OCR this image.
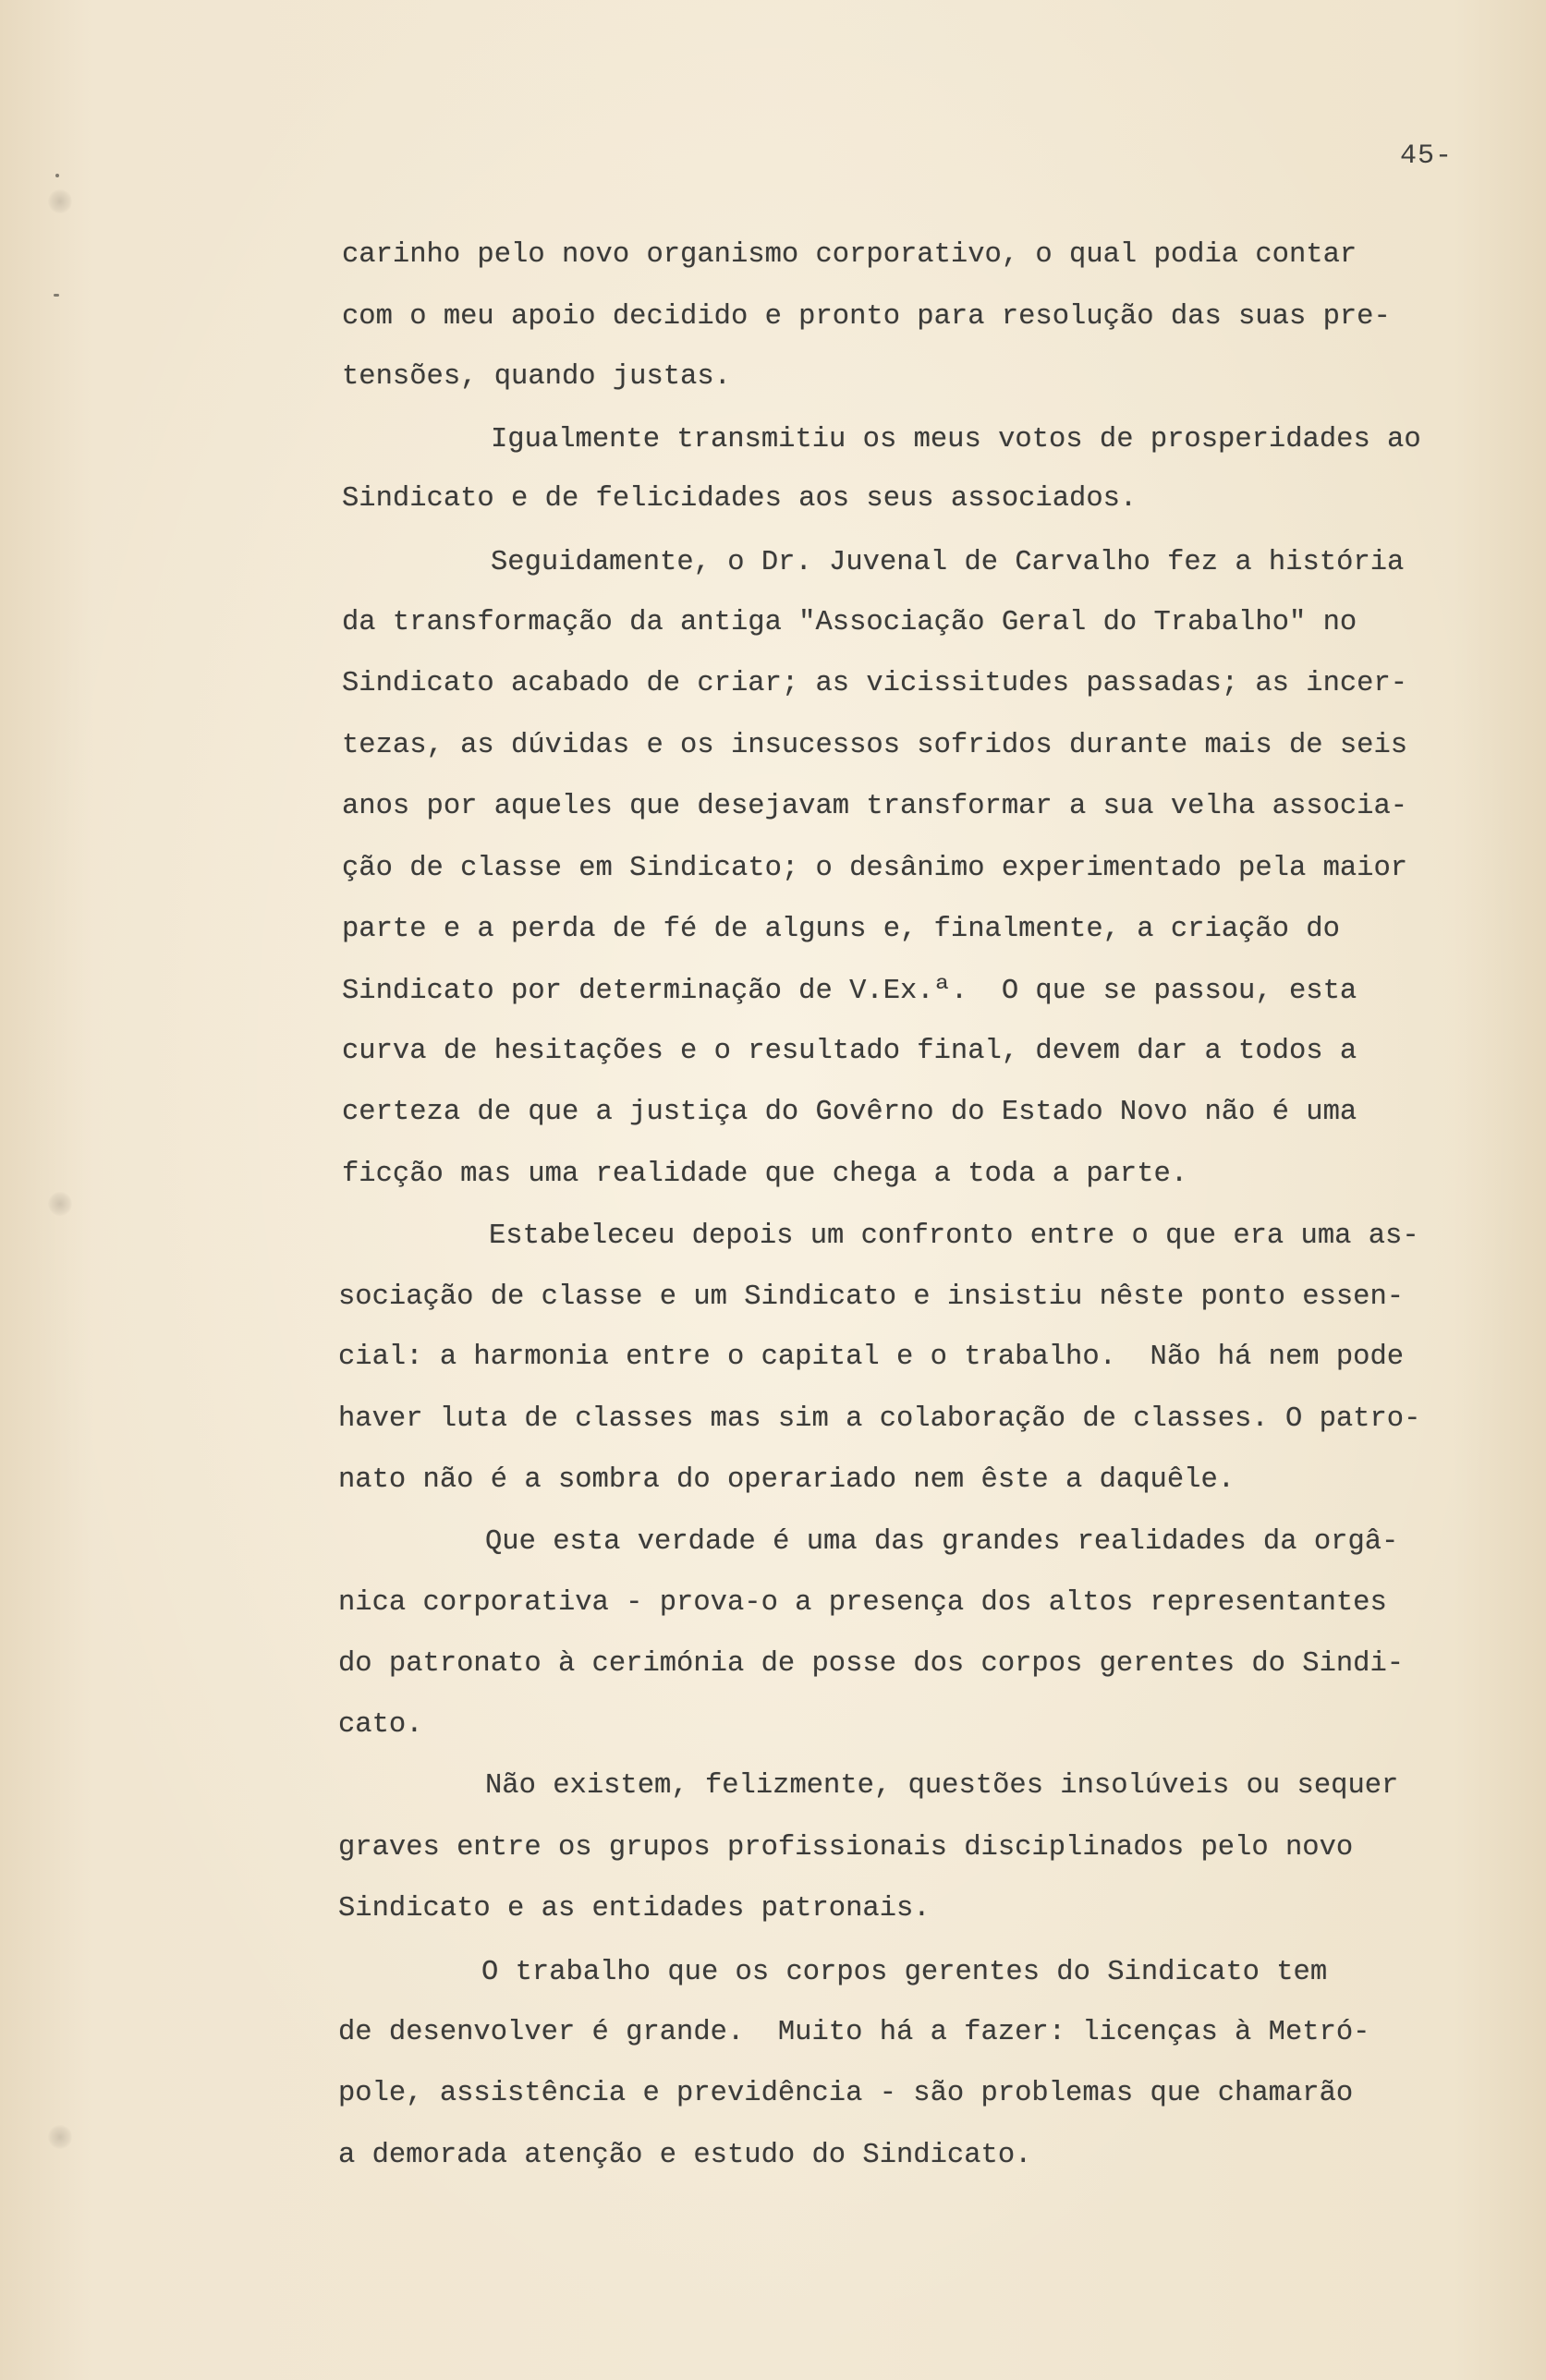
45-

carinho pelo novo organismo corporativo, o qual podia contar

com o meu apoio decidido e pronto para resolução das suas pre-

tensões, quando justas.

Igualmente transmitiu os meus votos de prosperidades ao

Sindicato e de felicidades aos seus associados.

Seguidamente, o Dr. Juvenal de Carvalho fez a história

da transformação da antiga "Associação Geral do Trabalho" no

Sindicato acabado de criar; as vicissitudes passadas; as incer-

tezas, as dúvidas e os insucessos sofridos durante mais de seis

anos por aqueles que desejavam transformar a sua velha associa-

ção de classe em Sindicato; o desânimo experimentado pela maior

parte e a perda de fé de alguns e, finalmente, a criação do

Sindicato por determinação de V.Ex.ª.  O que se passou, esta

curva de hesitações e o resultado final, devem dar a todos a

certeza de que a justiça do Govêrno do Estado Novo não é uma

ficção mas uma realidade que chega a toda a parte.

Estabeleceu depois um confronto entre o que era uma as-

sociação de classe e um Sindicato e insistiu nêste ponto essen-

cial: a harmonia entre o capital e o trabalho.  Não há nem pode

haver luta de classes mas sim a colaboração de classes. O patro-

nato não é a sombra do operariado nem êste a daquêle.

Que esta verdade é uma das grandes realidades da orgâ-

nica corporativa - prova-o a presença dos altos representantes

do patronato à cerimónia de posse dos corpos gerentes do Sindi-

cato.

Não existem, felizmente, questões insolúveis ou sequer

graves entre os grupos profissionais disciplinados pelo novo

Sindicato e as entidades patronais.

O trabalho que os corpos gerentes do Sindicato tem

de desenvolver é grande.  Muito há a fazer: licenças à Metró-

pole, assistência e previdência - são problemas que chamarão

a demorada atenção e estudo do Sindicato.
